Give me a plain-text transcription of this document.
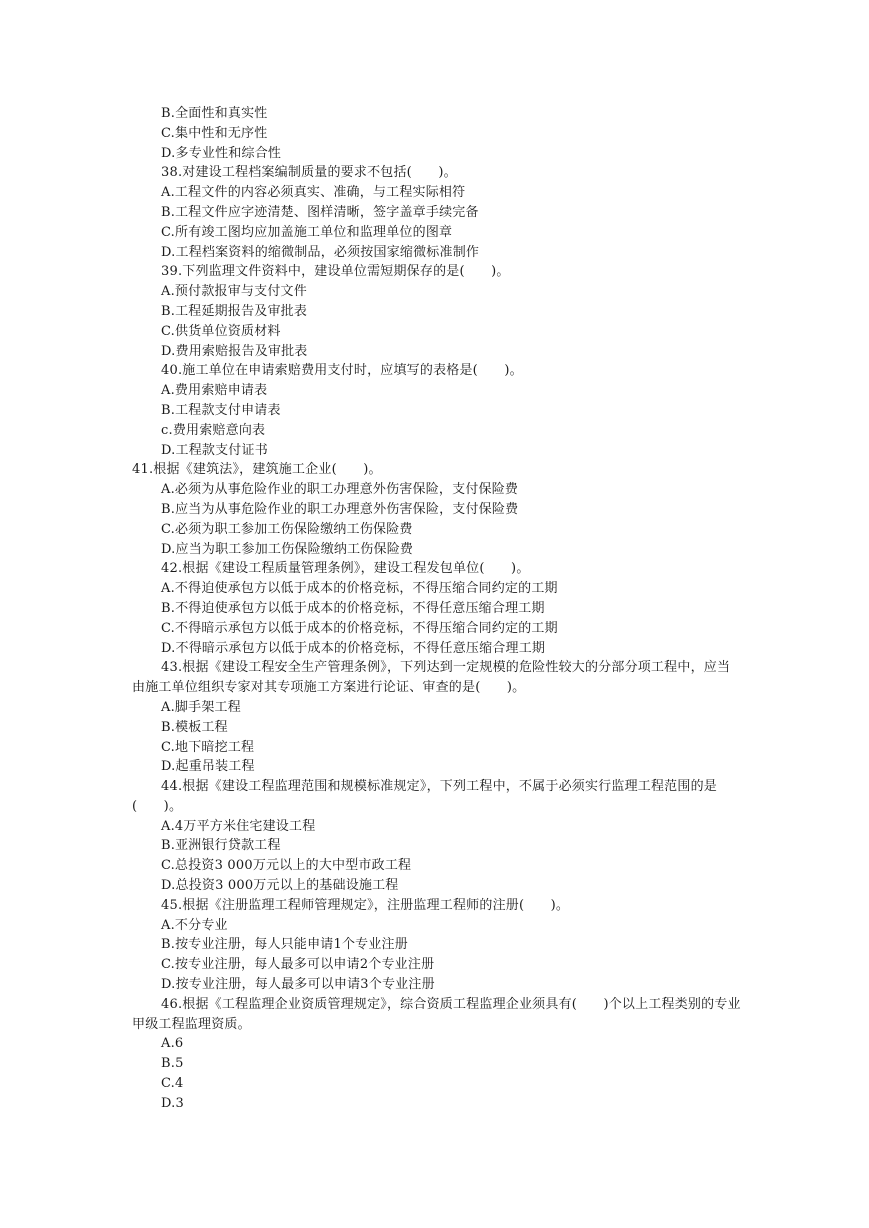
B.全面性和真实性
C.集中性和无序性
D.多专业性和综合性
38.对建设工程档案编制质量的要求不包括(　　)。
A.工程文件的内容必须真实、准确，与工程实际相符
B.工程文件应字迹清楚、图样清晰，签字盖章手续完备
C.所有竣工图均应加盖施工单位和监理单位的图章
D.工程档案资料的缩微制品，必须按国家缩微标准制作
39.下列监理文件资料中，建设单位需短期保存的是(　　)。
A.预付款报审与支付文件
B.工程延期报告及审批表
C.供货单位资质材料
D.费用索赔报告及审批表
40.施工单位在申请索赔费用支付时，应填写的表格是(　　)。
A.费用索赔申请表
B.工程款支付申请表
c.费用索赔意向表
D.工程款支付证书
41.根据《建筑法》，建筑施工企业(　　)。
A.必须为从事危险作业的职工办理意外伤害保险，支付保险费
B.应当为从事危险作业的职工办理意外伤害保险，支付保险费
C.必须为职工参加工伤保险缴纳工伤保险费
D.应当为职工参加工伤保险缴纳工伤保险费
42.根据《建设工程质量管理条例》，建设工程发包单位(　　)。
A.不得迫使承包方以低于成本的价格竞标，不得压缩合同约定的工期
B.不得迫使承包方以低于成本的价格竞标，不得任意压缩合理工期
C.不得暗示承包方以低于成本的价格竞标，不得压缩合同约定的工期
D.不得暗示承包方以低于成本的价格竞标，不得任意压缩合理工期
43.根据《建设工程安全生产管理条例》，下列达到一定规模的危险性较大的分部分项工程中，应当由施工单位组织专家对其专项施工方案进行论证、审查的是(　　)。
A.脚手架工程
B.模板工程
C.地下暗挖工程
D.起重吊装工程
44.根据《建设工程监理范围和规模标准规定》，下列工程中，不属于必须实行监理工程范围的是(　　)。
A.4万平方米住宅建设工程
B.亚洲银行贷款工程
C.总投资3 000万元以上的大中型市政工程
D.总投资3 000万元以上的基础设施工程
45.根据《注册监理工程师管理规定》，注册监理工程师的注册(　　)。
A.不分专业
B.按专业注册，每人只能申请1个专业注册
C.按专业注册，每人最多可以申请2个专业注册
D.按专业注册，每人最多可以申请3个专业注册
46.根据《工程监理企业资质管理规定》，综合资质工程监理企业须具有(　　)个以上工程类别的专业甲级工程监理资质。
A.6
B.5
C.4
D.3
